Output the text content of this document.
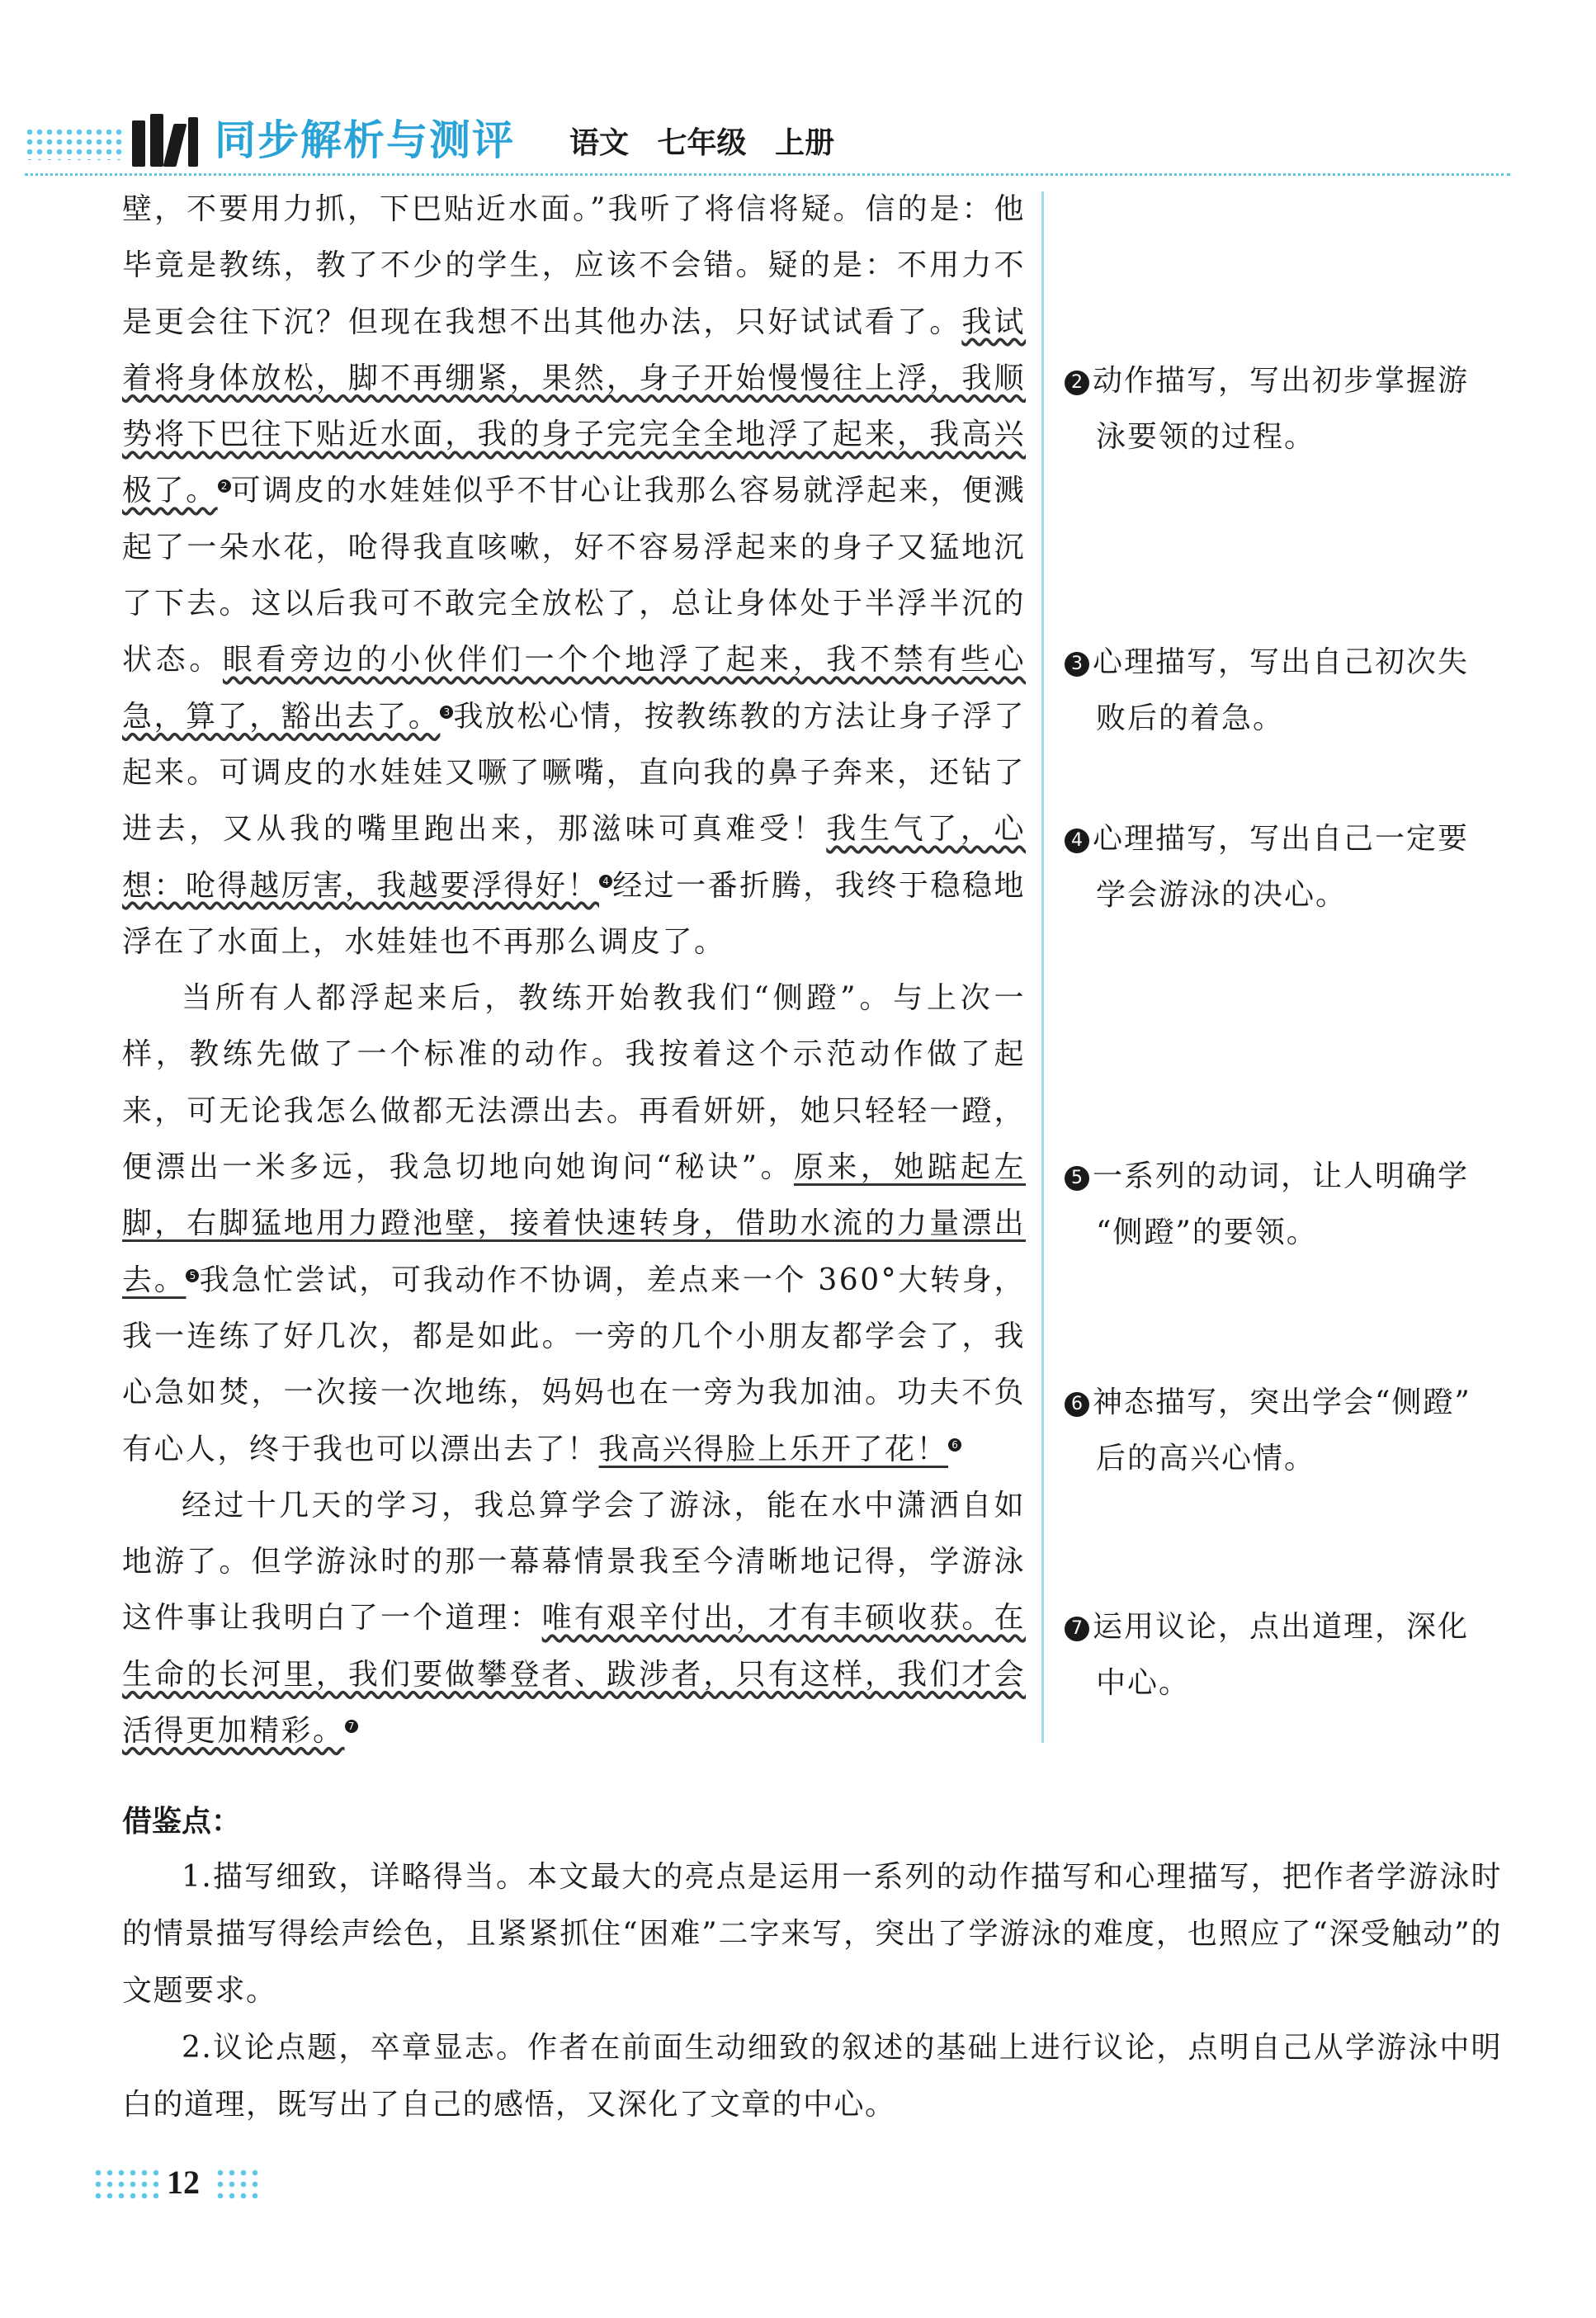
同步解析与测评 语文 七年级 上册

壁，不要用力抓，下巴贴近水面。”我听了将信将疑。信的是：他毕竟是教练，教了不少的学生，应该不会错。疑的是：不用力不是更会往下沉？但现在我想不出其他办法，只好试试看了。我试着将身体放松，脚不再绷紧，果然，身子开始慢慢往上浮，我顺势将下巴往下贴近水面，我的身子完完全全地浮了起来，我高兴极了。 2 可调皮的水娃娃似乎不甘心让我那么容易就浮起来，便溅起了一朵水花，呛得我直咳嗽，好不容易浮起来的身子又猛地沉了下去。这以后我可不敢完全放松了，总让身体处于半浮半沉的状态。眼看旁边的小伙伴们一个个地浮了起来，我不禁有些心急，算了，豁出去了。 3 我放松心情，按教练教的方法让身子浮了起来。可调皮的水娃娃又噘了噘嘴，直向我的鼻子奔来，还钻了进去，又从我的嘴里跑出来，那滋味可真难受！我生气了，心想：呛得越厉害，我越要浮得好！ 4 经过一番折腾，我终于稳稳地浮在了水面上，水娃娃也不再那么调皮了。

当所有人都浮起来后，教练开始教我们“侧蹬”。与上次一样，教练先做了一个标准的动作。我按着这个示范动作做了起来，可无论我怎么做都无法漂出去。再看妍妍，她只轻轻一蹬，便漂出一米多远，我急切地向她询问“秘诀”。原来，她踮起左脚，右脚猛地用力蹬池壁，接着快速转身，借助水流的力量漂出去。 5 我急忙尝试，可我动作不协调，差点来一个 360°大转身，我一连练了好几次，都是如此。一旁的几个小朋友都学会了，我心急如焚，一次接一次地练，妈妈也在一旁为我加油。功夫不负有心人，终于我也可以漂出去了！我高兴得脸上乐开了花！ 6

经过十几天的学习，我总算学会了游泳，能在水中潇洒自如地游了。但学游泳时的那一幕幕情景我至今清晰地记得，学游泳这件事让我明白了一个道理：唯有艰辛付出，才有丰硕收获。在生命的长河里，我们要做攀登者、跋涉者，只有这样，我们才会活得更加精彩。 7

2 动作描写，写出初步掌握游
泳要领的过程。
3 心理描写，写出自己初次失
败后的着急。
4 心理描写，写出自己一定要
学会游泳的决心。
5 一系列的动词，让人明确学
“侧蹬”的要领。
6 神态描写，突出学会“侧蹬”
后的高兴心情。
7 运用议论，点出道理，深化
中心。
借鉴点：

1.描写细致，详略得当。本文最大的亮点是运用一系列的动作描写和心理描写，把作者学游泳时的情景描写得绘声绘色，且紧紧抓住“困难”二字来写，突出了学游泳的难度，也照应了“深受触动”的文题要求。

2.议论点题，卒章显志。作者在前面生动细致的叙述的基础上进行议论，点明自己从学游泳中明白的道理，既写出了自己的感悟，又深化了文章的中心。

12
